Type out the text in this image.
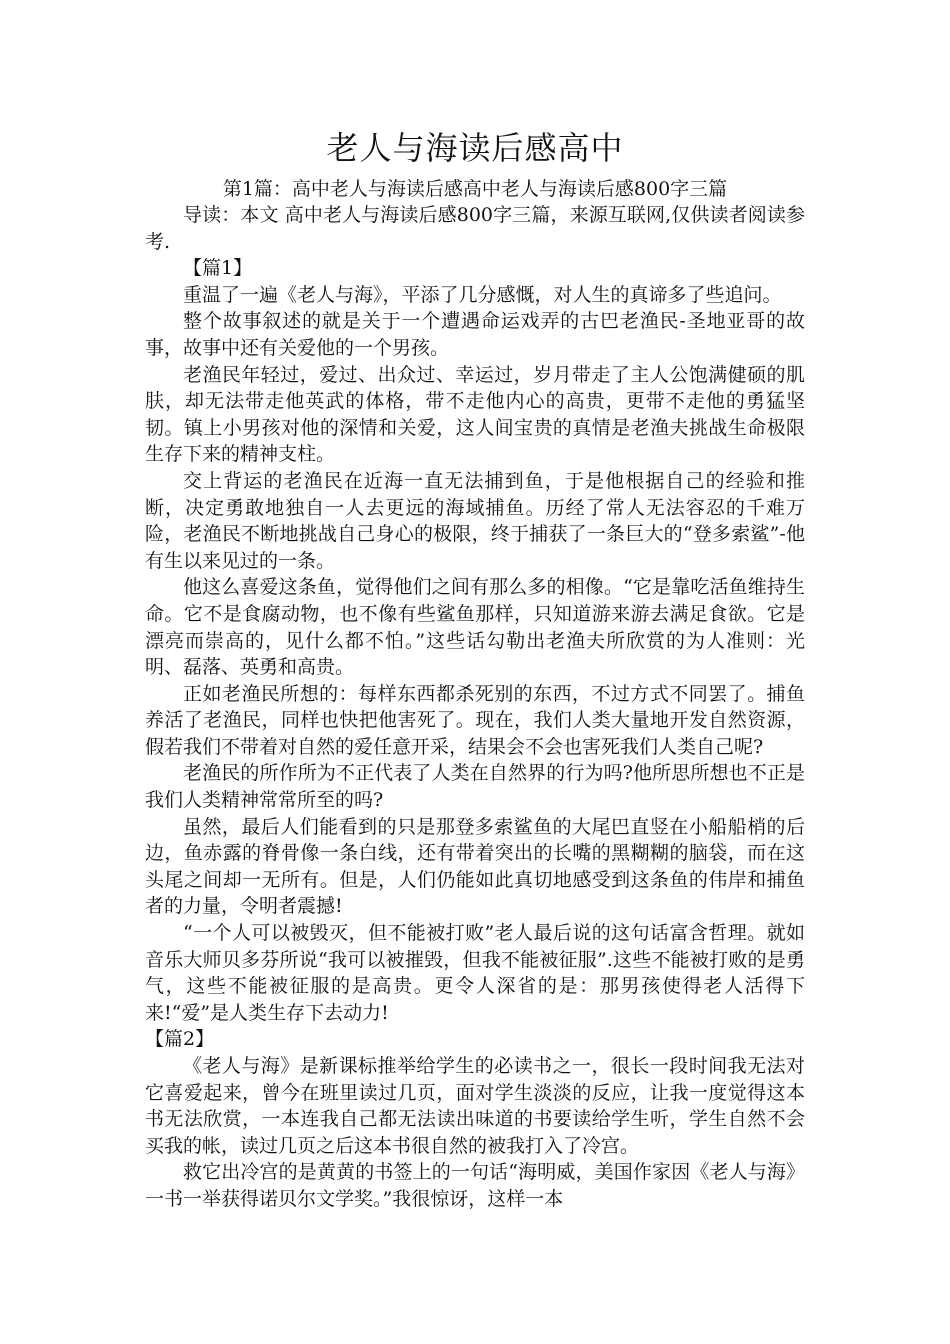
老人与海读后感高中
第1篇：高中老人与海读后感高中老人与海读后感800字三篇

导读：本文 高中老人与海读后感800字三篇，来源互联网,仅供读者阅读参考.

【篇1】

重温了一遍《老人与海》，平添了几分感慨，对人生的真谛多了些追问。

整个故事叙述的就是关于一个遭遇命运戏弄的古巴老渔民-圣地亚哥的故事，故事中还有关爱他的一个男孩。

老渔民年轻过，爱过、出众过、幸运过，岁月带走了主人公饱满健硕的肌肤，却无法带走他英武的体格，带不走他内心的高贵，更带不走他的勇猛坚韧。镇上小男孩对他的深情和关爱，这人间宝贵的真情是老渔夫挑战生命极限生存下来的精神支柱。

交上背运的老渔民在近海一直无法捕到鱼，于是他根据自己的经验和推断，决定勇敢地独自一人去更远的海域捕鱼。历经了常人无法容忍的千难万险，老渔民不断地挑战自己身心的极限，终于捕获了一条巨大的“登多索鲨”-他有生以来见过的一条。

他这么喜爱这条鱼，觉得他们之间有那么多的相像。“它是靠吃活鱼维持生命。它不是食腐动物，也不像有些鲨鱼那样，只知道游来游去满足食欲。它是漂亮而崇高的，见什么都不怕。”这些话勾勒出老渔夫所欣赏的为人准则：光明、磊落、英勇和高贵。

正如老渔民所想的：每样东西都杀死别的东西，不过方式不同罢了。捕鱼养活了老渔民，同样也快把他害死了。现在，我们人类大量地开发自然资源，假若我们不带着对自然的爱任意开采，结果会不会也害死我们人类自己呢?

老渔民的所作所为不正代表了人类在自然界的行为吗?他所思所想也不正是我们人类精神常常所至的吗?

虽然，最后人们能看到的只是那登多索鲨鱼的大尾巴直竖在小船船梢的后边，鱼赤露的脊骨像一条白线，还有带着突出的长嘴的黑糊糊的脑袋，而在这头尾之间却一无所有。但是，人们仍能如此真切地感受到这条鱼的伟岸和捕鱼者的力量，令明者震撼!

“一个人可以被毁灭，但不能被打败”老人最后说的这句话富含哲理。就如音乐大师贝多芬所说“我可以被摧毁，但我不能被征服”.这些不能被打败的是勇气，这些不能被征服的是高贵。更令人深省的是：那男孩使得老人活得下来!“爱”是人类生存下去动力!

【篇2】

《老人与海》是新课标推举给学生的必读书之一，很长一段时间我无法对它喜爱起来，曾今在班里读过几页，面对学生淡淡的反应，让我一度觉得这本书无法欣赏，一本连我自己都无法读出味道的书要读给学生听，学生自然不会买我的帐，读过几页之后这本书很自然的被我打入了冷宫。

救它出冷宫的是黄黄的书签上的一句话“海明威，美国作家因《老人与海》一书一举获得诺贝尔文学奖。”我很惊讶，这样一本
